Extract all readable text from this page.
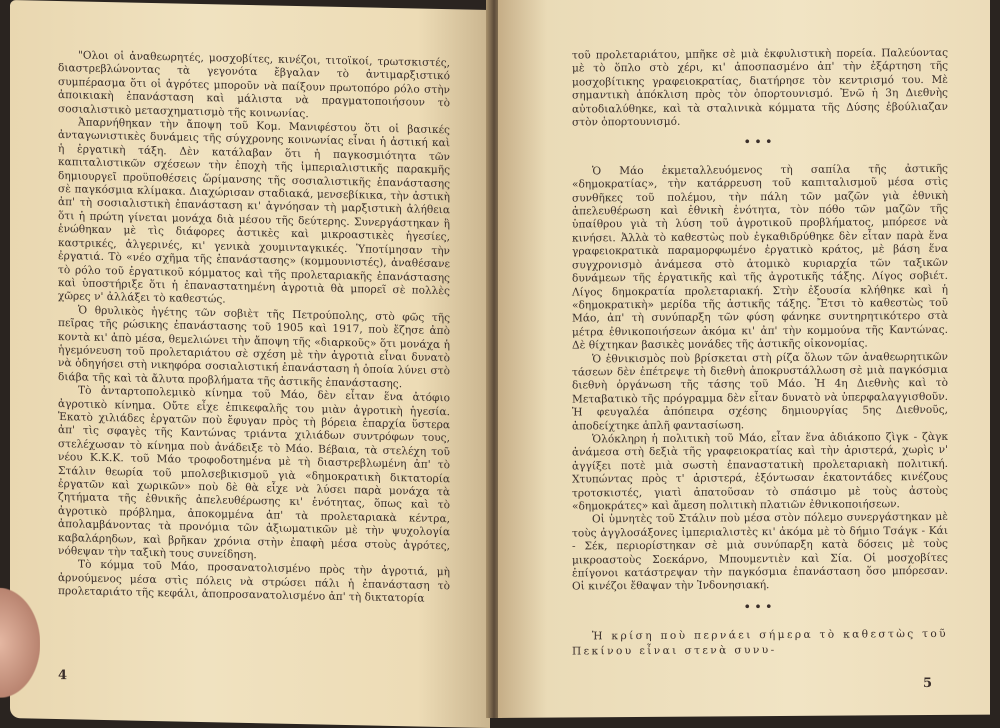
"Ολοι οἱ ἀναθεωρητές, μοσχοβίτες, κινέζοι, τιτοϊκοί, τρωτσκιστές, διαστρεβλώνοντας τὰ γεγονότα ἔβγαλαν τὸ ἀντιμαρξιστικό συμπέρασμα ὅτι οἱ ἀγρότες μποροῦν νὰ παίξουν πρωτοπόρο ρόλο στὴν ἀποικιακὴ ἐπανάσταση καὶ μάλιστα νὰ πραγματοποιήσουν τὸ σοσιαλιστικὸ μετασχηματισμὸ τῆς κοινωνίας.

Ἀπαρνήθηκαν τὴν ἄποψη τοῦ Κομ. Μανιφέστου ὅτι οἱ βασικές ἀνταγωνιστικὲς δυνάμεις τῆς σύγχρονης κοινωνίας εἶναι ἡ ἀστική καὶ ἡ ἐργατικὴ τάξη. Δὲν κατάλαβαν ὅτι ἡ παγκοσμιότητα τῶν καπιταλιστικῶν σχέσεων τὴν ἐποχὴ τῆς ἰμπεριαλιστικῆς παρακμῆς δημιουργεῖ προϋποθέσεις ὥρίμανσης τῆς σοσιαλιστικῆς ἐπανάστασης σὲ παγκόσμια κλίμακα. Διαχώρισαν σταδιακά, μενσεβίκικα, τὴν ἀστικὴ ἀπ' τὴ σοσιαλιστικὴ ἐπανάσταση κι' ἀγνόησαν τὴ μαρξιστικὴ ἀλήθεια ὅτι ἡ πρώτη γίνεται μονάχα διὰ μέσου τῆς δεύτερης. Συνεργάστηκαν ἢ ἑνώθηκαν μὲ τὶς διάφορες ἀστικὲς καὶ μικροαστικὲς ἡγεσίες, καστρικές, ἀλγερινές, κι' γενικὰ χουμινταγκικές. Ὑποτίμησαν τὴν ἐργατιά. Τὸ «νέο σχῆμα τῆς ἐπανάστασης» (κομμουνιστές), ἀναθέσανε τὸ ρόλο τοῦ ἐργατικοῦ κόμματος καὶ τῆς προλεταριακῆς ἐπανάστασης καὶ ὑποστήριξε ὅτι ἡ ἐπαναστατημένη ἀγροτιὰ θὰ μπορεῖ σὲ πολλὲς χῶρες ν' ἀλλάξει τὸ καθεστώς.

Ὁ θρυλικὸς ἡγέτης τῶν σοβιὲτ τῆς Πετρούπολης, στὸ φῶς τῆς πεῖρας τῆς ρώσικης ἐπανάστασης τοῦ 1905 καὶ 1917, ποὺ ἔζησε ἀπὸ κοντὰ κι' ἀπὸ μέσα, θεμελιώνει τὴν ἄποψη τῆς «διαρκοῦς» ὅτι μονάχα ἡ ἡγεμόνευση τοῦ προλεταριάτου σὲ σχέση μὲ τὴν ἀγροτιὰ εἶναι δυνατὸ νὰ ὁδηγήσει στὴ νικηφόρα σοσιαλιστική ἐπανάσταση ἡ ὁποία λύνει στὸ διάβα τῆς καὶ τὰ ἄλυτα προβλήματα τῆς ἀστικῆς ἐπανάστασης.

Τὸ ἀνταρτοπολεμικὸ κίνημα τοῦ Μάο, δὲν εἶταν ἕνα ἀτόφιο ἀγροτικὸ κίνημα. Οὔτε εἶχε ἐπικεφαλῆς του μιὰν ἀγροτικὴ ἡγεσία. Ἑκατὸ χιλιάδες ἐργατῶν ποὺ ἔφυγαν πρὸς τὴ βόρεια ἐπαρχία ὕστερα ἀπ' τὶς σφαγὲς τῆς Καντώνας τριάντα χιλιάδων συντρόφων τους, στελέχωσαν τὸ κίνημα ποὺ ἀνάδειξε τὸ Μάο. Βέβαια, τὰ στελέχη τοῦ νέου Κ.Κ.Κ. τοῦ Μάο τροφοδοτημένα μὲ τὴ διαστρεβλωμένη ἀπ' τὸ Στάλιν θεωρία τοῦ μπολσεβικισμοῦ γιὰ «δημοκρατικὴ δικτατορία ἐργατῶν καὶ χωρικῶν» ποὺ δὲ θὰ εἶχε νὰ λύσει παρὰ μονάχα τὰ ζητήματα τῆς ἐθνικῆς ἀπελευθέρωσης κι' ἑνότητας, ὅπως καὶ τὸ ἀγροτικὸ πρόβλημα, ἀποκομμένα ἀπ' τὰ προλεταριακὰ κέντρα, ἀπολαμβάνοντας τὰ προνόμια τῶν ἀξιωματικῶν μὲ τὴν ψυχολογία καβαλάρηδων, καὶ βρῆκαν χρόνια στὴν ἐπαφὴ μέσα στοὺς ἀγρότες, νόθεψαν τὴν ταξικὴ τους συνείδηση.

Τὸ κόμμα τοῦ Μάο, προσανατολισμένο πρὸς τὴν ἀγροτιά, μὴ ἀρνούμενος μέσα στὶς πόλεις νὰ στρώσει πάλι ἡ ἐπανάσταση τὸ προλεταριάτο τῆς κεφάλι, ἀποπροσανατολισμένο ἀπ' τὴ δικτατορία

4

τοῦ προλεταριάτου, μπῆκε σὲ μιὰ ἐκφυλιστικὴ πορεία. Παλεύοντας μὲ τὸ ὅπλο στὸ χέρι, κι' ἀποσπασμένο ἀπ' τὴν ἐξάρτηση τῆς μοσχοβίτικης γραφειοκρατίας, διατήρησε τὸν κεντρισμό του. Μὲ σημαντικὴ ἀπόκλιση πρὸς τὸν ὁπορτουνισμό. Ἐνῶ ἡ 3η Διεθνὴς αὐτοδιαλύθηκε, καὶ τὰ σταλινικὰ κόμματα τῆς Δύσης ἐβούλιαζαν στὸν ὁπορτουνισμό.

•••

Ὁ Μάο ἐκμεταλλευόμενος τὴ σαπίλα τῆς ἀστικῆς «δημοκρατίας», τὴν κατάρρευση τοῦ καπιταλισμοῦ μέσα στὶς συνθῆκες τοῦ πολέμου, τὴν πάλη τῶν μαζῶν γιὰ ἐθνικὴ ἀπελευθέρωση καὶ ἐθνικὴ ἑνότητα, τὸν πόθο τῶν μαζῶν τῆς ὑπαίθρου γιὰ τὴ λύση τοῦ ἀγροτικοῦ προβλήματος, μπόρεσε νὰ κινήσει. Ἀλλὰ τὸ καθεστὼς ποὺ ἐγκαθιδρύθηκε δὲν εἶταν παρὰ ἕνα γραφειοκρατικὰ παραμορφωμένο ἐργατικὸ κράτος, μὲ βάση ἕνα συγχρονισμὸ ἀνάμεσα στὸ ἀτομικὸ κυριαρχία τῶν ταξικῶν δυνάμεων τῆς ἐργατικῆς καὶ τῆς ἀγροτικῆς τάξης. Λίγος σοβιέτ. Λίγος δημοκρατία προλεταριακή. Στὴν ἐξουσία κλήθηκε καὶ ἡ «δημοκρατικὴ» μερίδα τῆς ἀστικῆς τάξης. Ἔτσι τὸ καθεστὼς τοῦ Μάο, ἀπ' τὴ συνύπαρξη τῶν φύση φάνηκε συντηρητικότερο στὰ μέτρα ἐθνικοποιήσεων ἀκόμα κι' ἀπ' τὴν κομμούνα τῆς Καντώνας. Δὲ θίχτηκαν βασικὲς μονάδες τῆς ἀστικῆς οἰκονομίας.

Ὁ ἐθνικισμὸς ποὺ βρίσκεται στὴ ρίζα ὅλων τῶν ἀναθεωρητικῶν τάσεων δὲν ἐπέτρεψε τὴ διεθνὴ ἀποκρυστάλλωση σὲ μιὰ παγκόσμια διεθνὴ ὀργάνωση τῆς τάσης τοῦ Μάο. Ἡ 4η Διεθνὴς καὶ τὸ Μεταβατικὸ τῆς πρόγραμμα δὲν εἶταν δυνατὸ νὰ ὑπερφαλαγγισθοῦν. Ἡ φευγαλέα ἀπόπειρα σχέσης δημιουργίας 5ης Διεθνοῦς, ἀποδείχτηκε ἁπλῆ φαντασίωση.

Ὁλόκληρη ἡ πολιτικὴ τοῦ Μάο, εἶταν ἕνα ἀδιάκοπο ζὶγκ - ζὰγκ ἀνάμεσα στὴ δεξιὰ τῆς γραφειοκρατίας καὶ τὴν ἀριστερά, χωρὶς ν' ἀγγίξει ποτὲ μιὰ σωστὴ ἐπαναστατικὴ προλεταριακὴ πολιτική. Χτυπώντας πρὸς τ' ἀριστερά, ἐξόντωσαν ἑκατοντάδες κινέζους τροτσκιστές, γιατὶ ἀπατοῦσαν τὸ σπάσιμο μὲ τοὺς ἀστοὺς «δημοκράτες» καὶ ἄμεση πολιτικὴ πλατιῶν ἐθνικοποιήσεων.

Οἱ ὑμνητὲς τοῦ Στάλιν ποὺ μέσα στὸν πόλεμο συνεργάστηκαν μὲ τοὺς ἀγγλοσάξονες ἰμπεριαλιστὲς κι' ἀκόμα μὲ τὸ δήμιο Τσάγκ - Κάι - Σέκ, περιορίστηκαν σὲ μιὰ συνύπαρξη κατὰ δόσεις μὲ τοὺς μικροαστοὺς Σοεκάρνο, Μπουμεντιὲν καὶ Σία. Οἱ μοσχοβίτες ἐπίγονοι κατάστρεψαν τὴν παγκόσμια ἐπανάσταση ὅσο μπόρεσαν. Οἱ κινέζοι ἔθαψαν τὴν Ἰνδονησιακή.

•••

Ἡ κρίση ποὺ περνάει σήμερα τὸ καθεστὼς τοῦ Πεκίνου εἶναι στενὰ συνυ-

5
